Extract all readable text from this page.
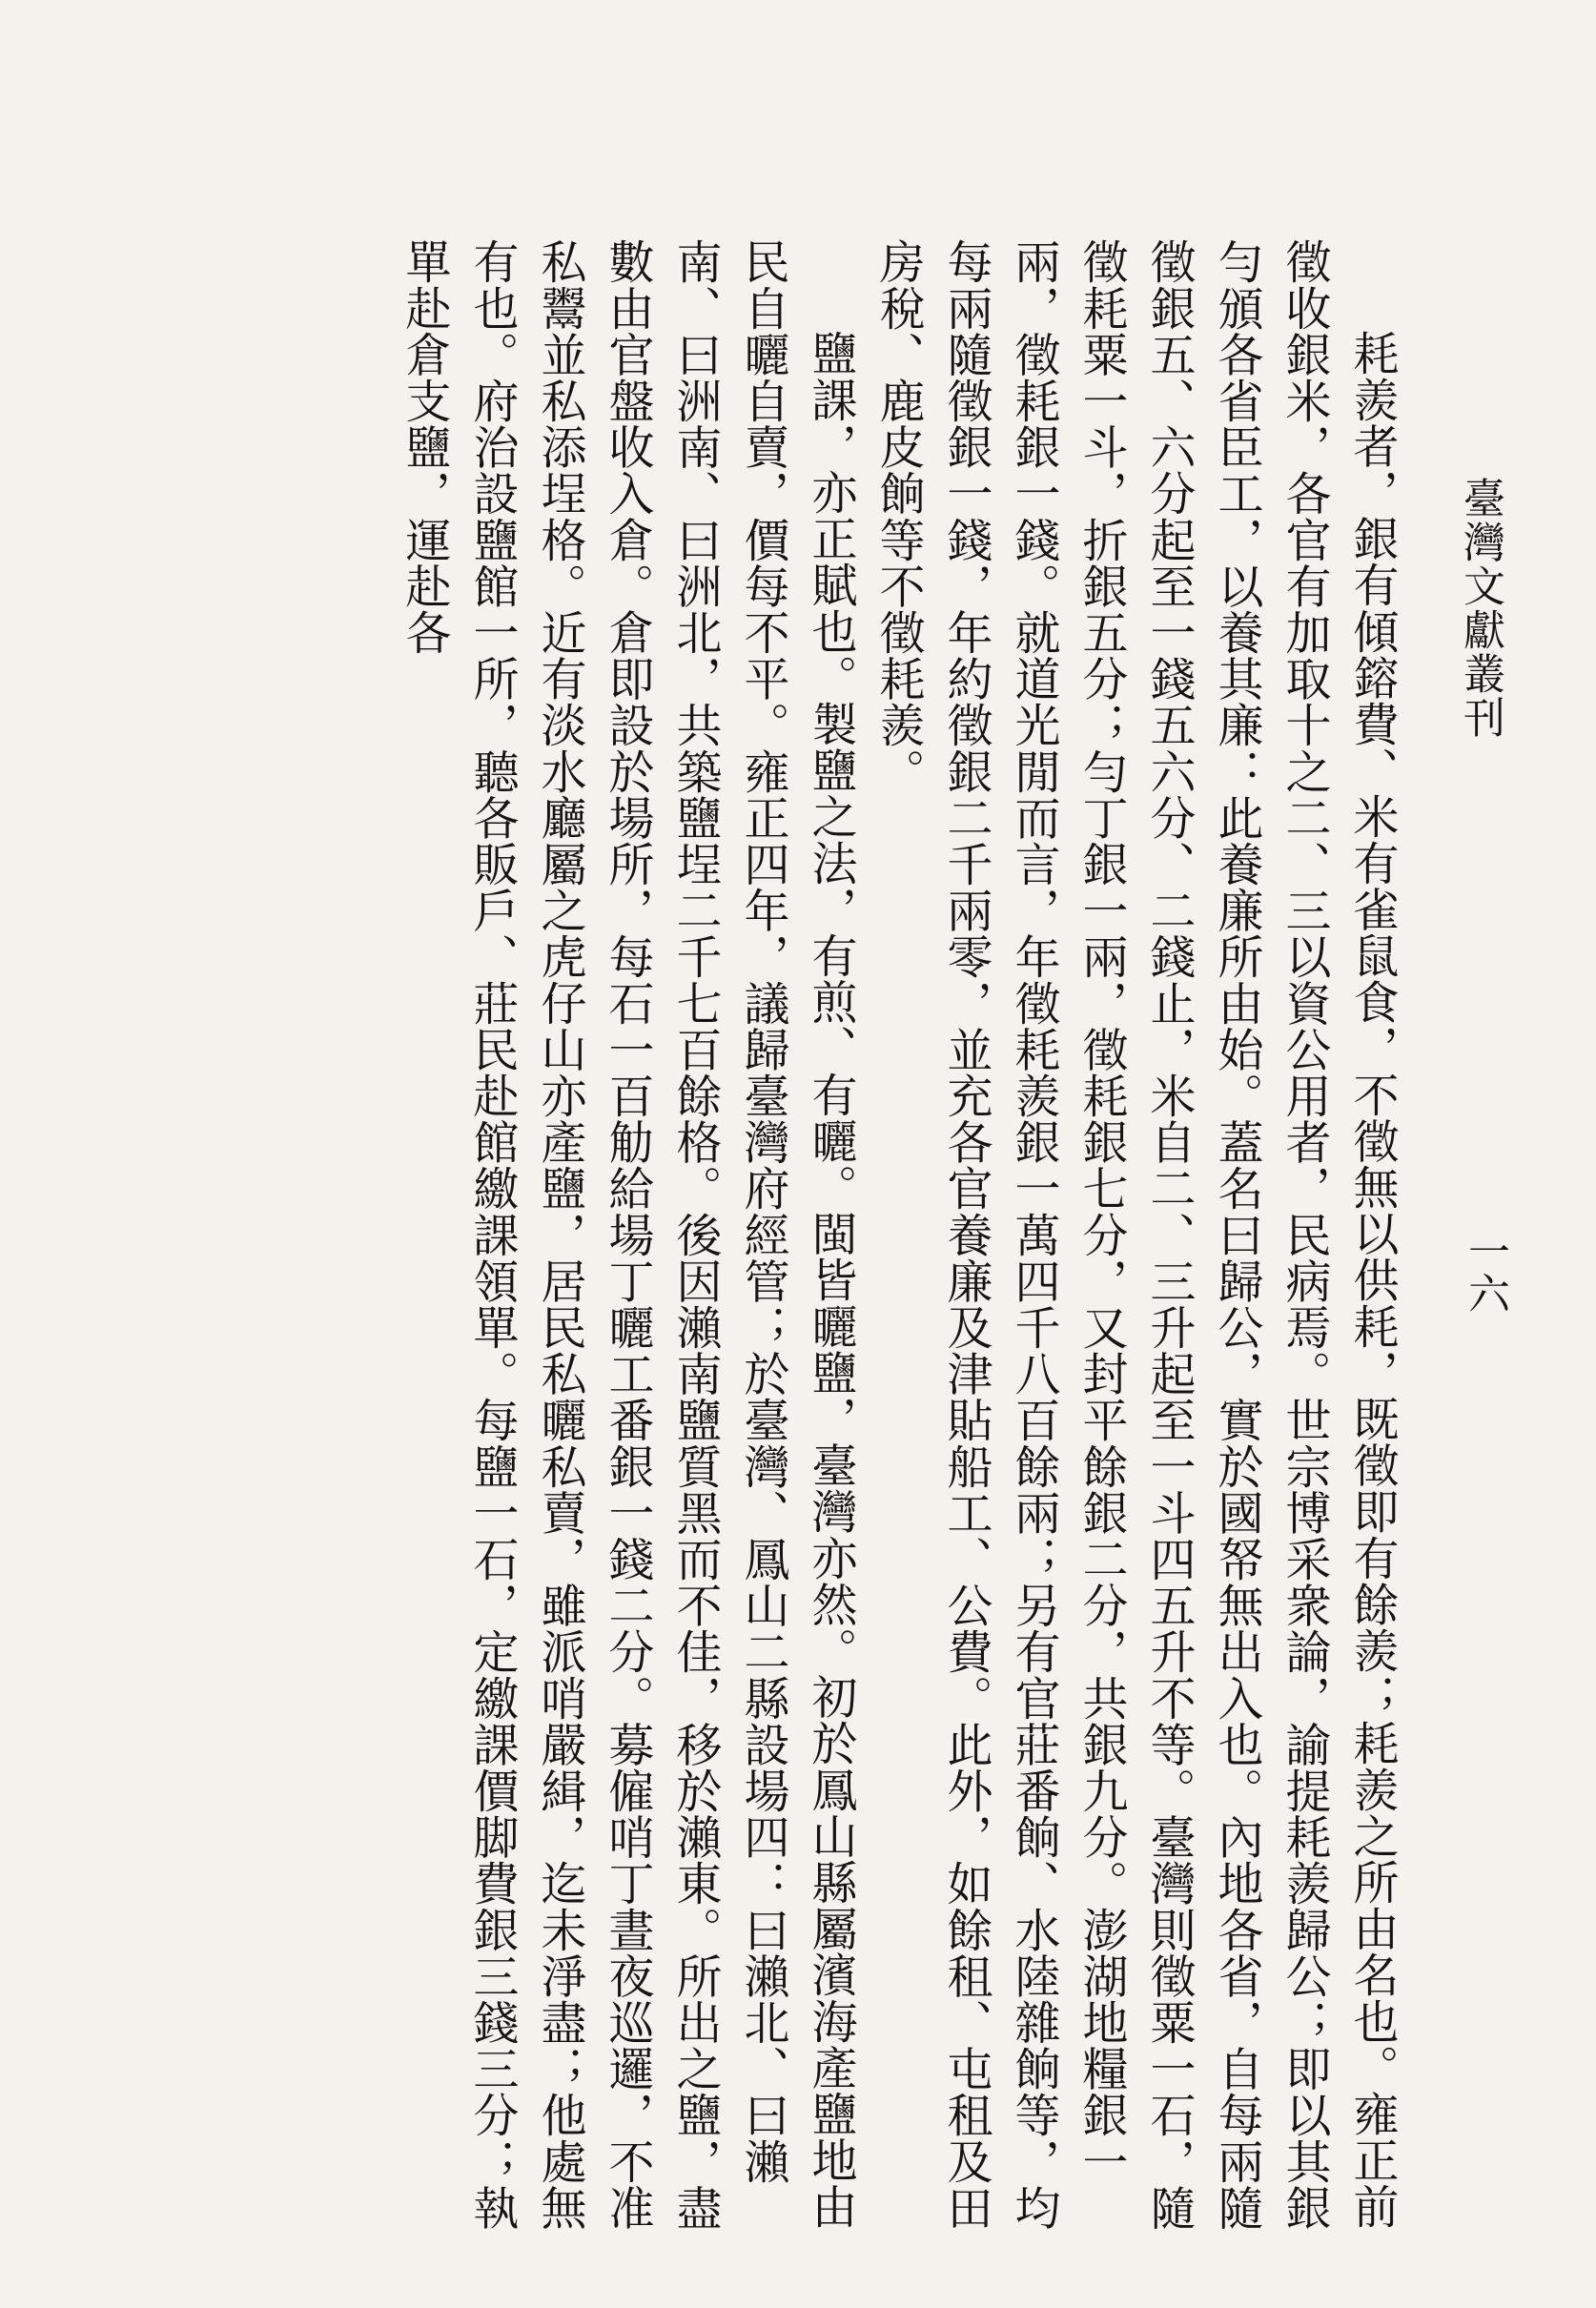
臺灣文獻叢刊
一六

耗羨者，銀有傾鎔費、米有雀鼠食，不徵無以供耗，既徵即有餘羨；耗羨之所由名也。雍正前徵收銀米，各官有加取十之二、三以資公用者，民病焉。世宗博采衆論，諭提耗羨歸公；即以其銀勻頒各省臣工，以養其廉：此養廉所由始。蓋名曰歸公，實於國帑無出入也。內地各省，自每兩隨徵銀五、六分起至一錢五六分、二錢止，米自二、三升起至一斗四五升不等。臺灣則徵粟一石，隨徵耗粟一斗，折銀五分；勻丁銀一兩，徵耗銀七分，又封平餘銀二分，共銀九分。澎湖地糧銀一兩，徵耗銀一錢。就道光閒而言，年徵耗羨銀一萬四千八百餘兩；另有官莊番餉、水陸雜餉等，均每兩隨徵銀一錢，年約徵銀二千兩零，並充各官養廉及津貼船工、公費。此外，如餘租、屯租及田房稅、鹿皮餉等不徵耗羨。

鹽課，亦正賦也。製鹽之法，有煎、有曬。閩皆曬鹽，臺灣亦然。初於鳳山縣屬濱海產鹽地由民自曬自賣，價每不平。雍正四年，議歸臺灣府經管；於臺灣、鳳山二縣設場四：曰瀨北、曰瀨南、曰洲南、曰洲北，共築鹽埕二千七百餘格。後因瀨南鹽質黑而不佳，移於瀨東。所出之鹽，盡數由官盤收入倉。倉即設於場所，每石一百觔給場丁曬工番銀一錢二分。募僱哨丁晝夜巡邏，不准私鬻並私添埕格。近有淡水廳屬之虎仔山亦產鹽，居民私曬私賣，雖派哨嚴緝，迄未淨盡；他處無有也。府治設鹽館一所，聽各販戶、莊民赴館繳課領單。每鹽一石，定繳課價脚費銀三錢三分；執單赴倉支鹽，運赴各
